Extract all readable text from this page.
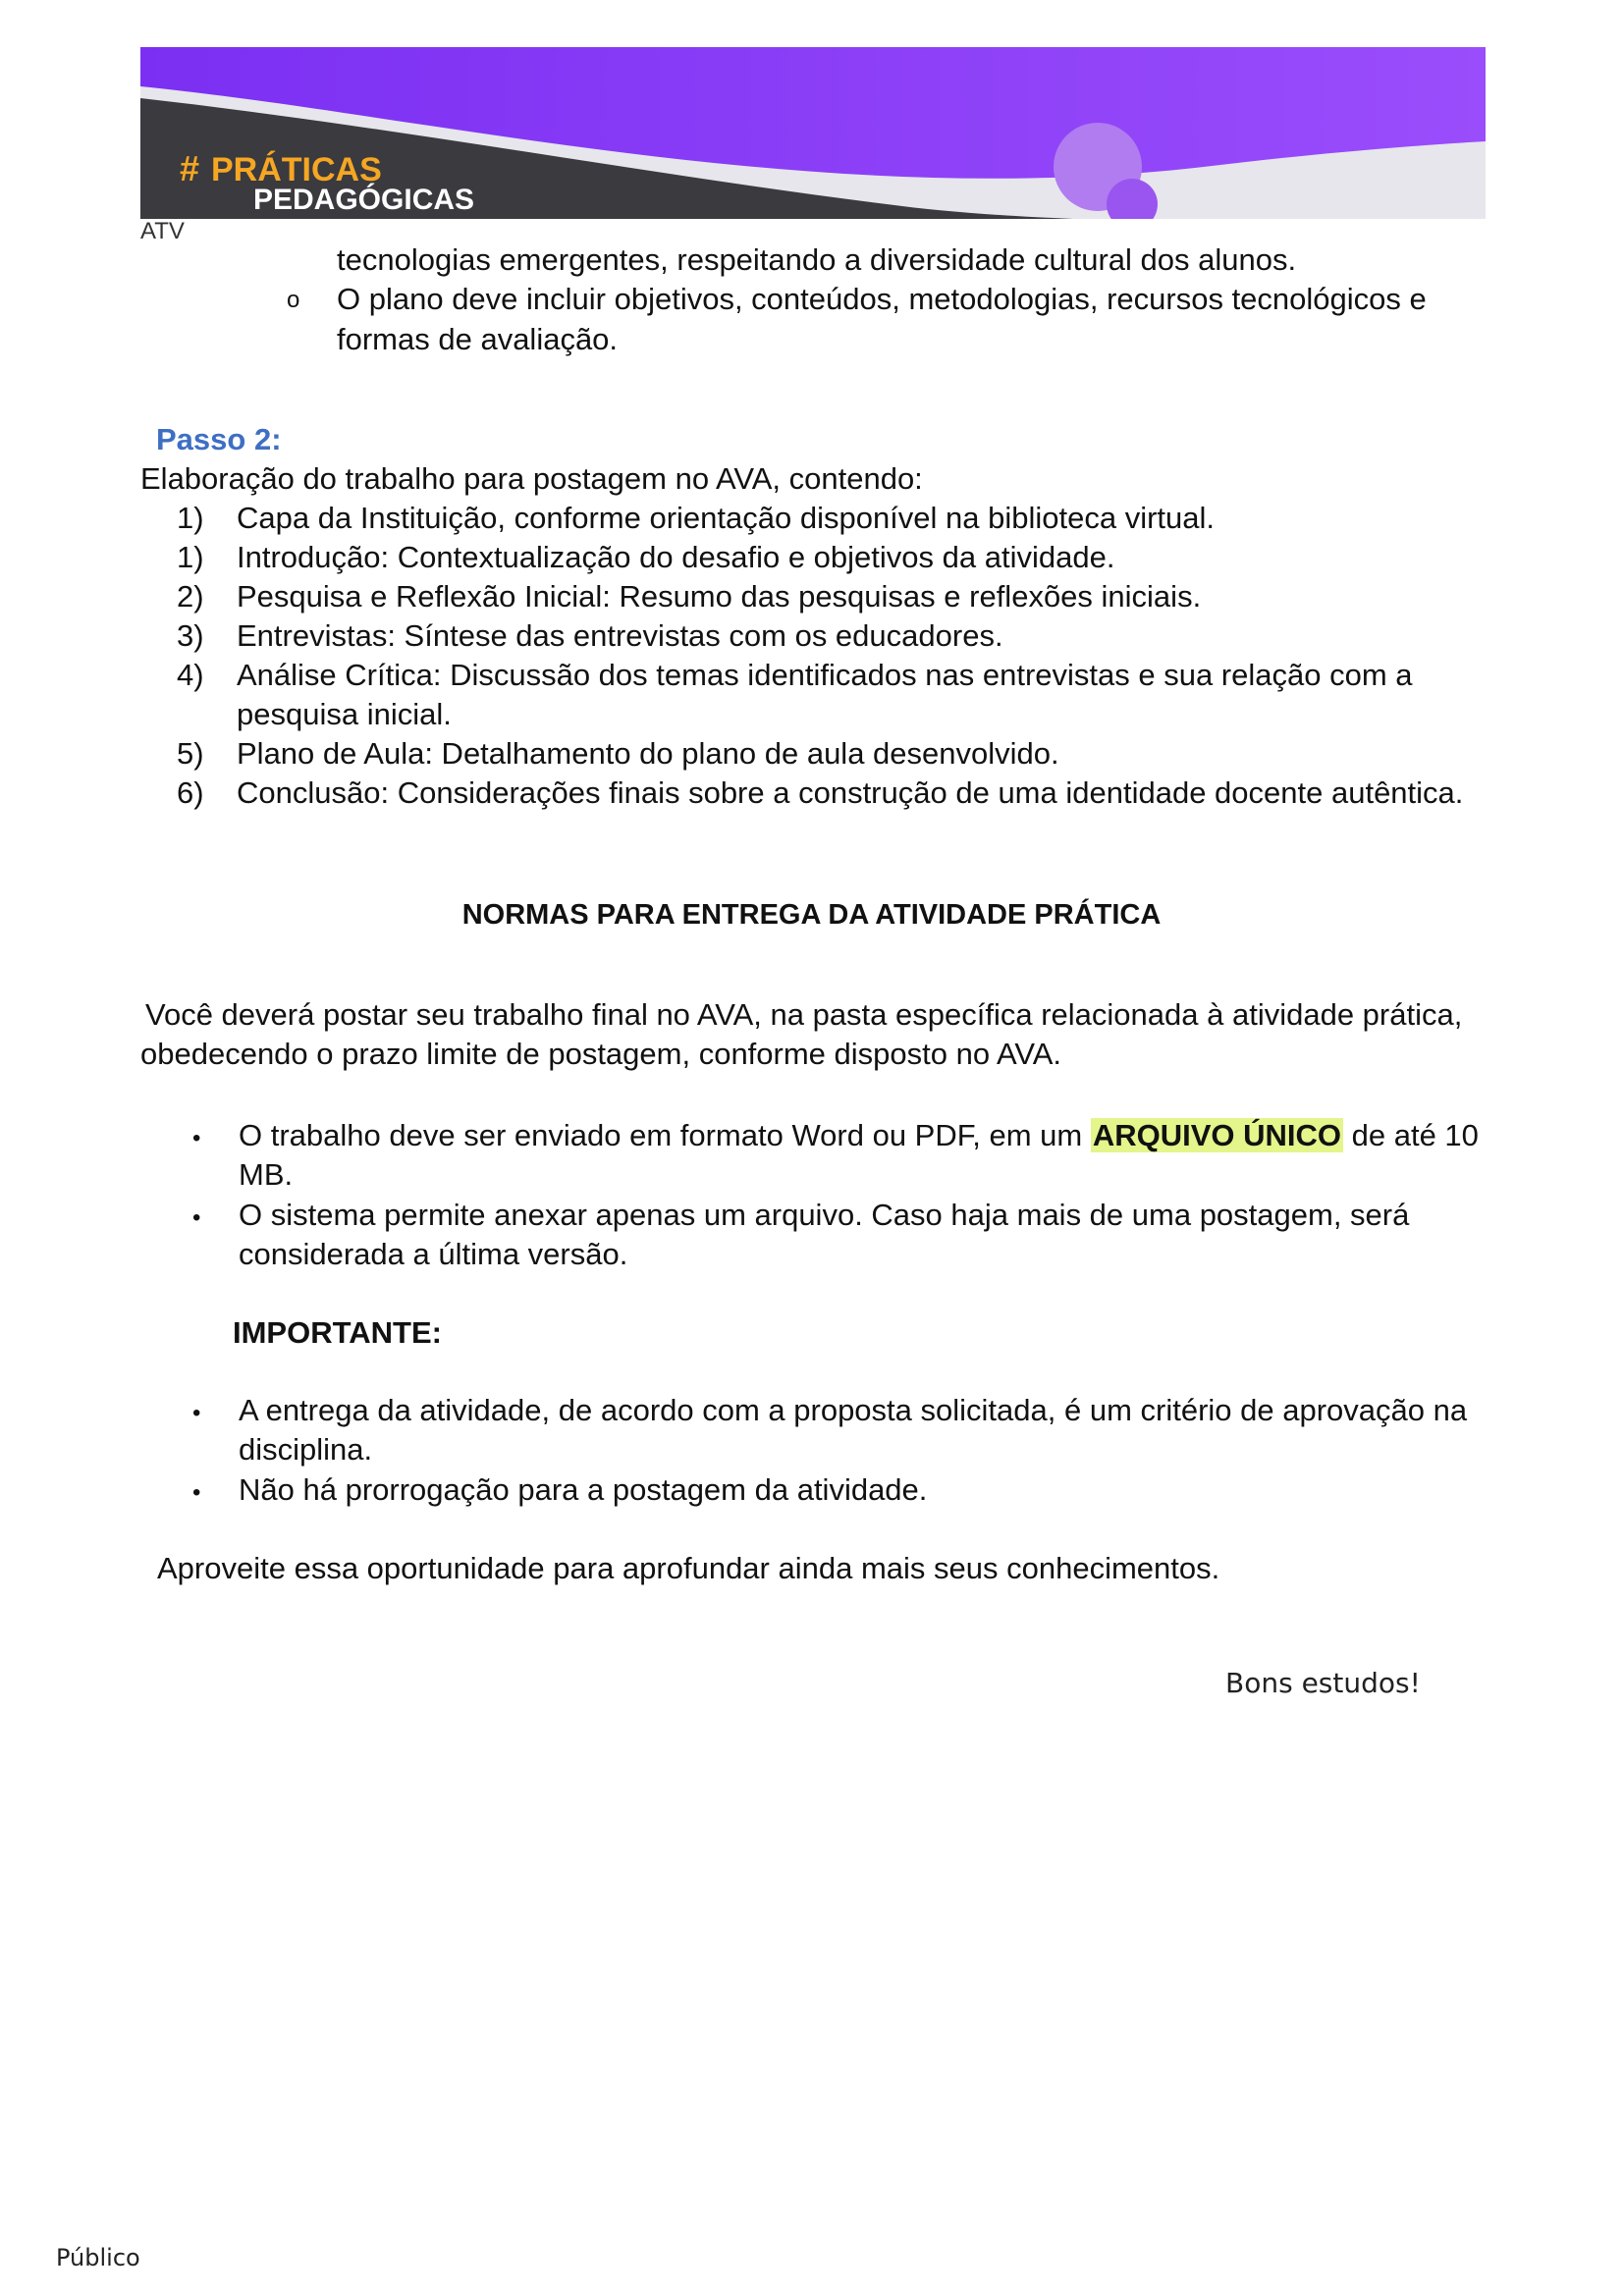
# PRÁTICAS
PEDAGÓGICAS
ATV
tecnologias emergentes, respeitando a diversidade cultural dos alunos.
o O plano deve incluir objetivos, conteúdos, metodologias, recursos tecnológicos e
formas de avaliação.
Passo 2:
Elaboração do trabalho para postagem no AVA, contendo:
1)	Capa da Instituição, conforme orientação disponível na biblioteca virtual.
1)	Introdução: Contextualização do desafio e objetivos da atividade.
2)	Pesquisa e Reflexão Inicial: Resumo das pesquisas e reflexões iniciais.
3)	Entrevistas: Síntese das entrevistas com os educadores.
4)	Análise Crítica: Discussão dos temas identificados nas entrevistas e sua relação com a
pesquisa inicial.
5)	Plano de Aula: Detalhamento do plano de aula desenvolvido.
6)	Conclusão: Considerações finais sobre a construção de uma identidade docente autêntica.
NORMAS PARA ENTREGA DA ATIVIDADE PRÁTICA
Você deverá postar seu trabalho final no AVA, na pasta específica relacionada à atividade prática,
obedecendo o prazo limite de postagem, conforme disposto no AVA.
• O trabalho deve ser enviado em formato Word ou PDF, em um ARQUIVO ÚNICO de até 10
MB.
• O sistema permite anexar apenas um arquivo. Caso haja mais de uma postagem, será
considerada a última versão.
IMPORTANTE:
• A entrega da atividade, de acordo com a proposta solicitada, é um critério de aprovação na
disciplina.
• Não há prorrogação para a postagem da atividade.
Aproveite essa oportunidade para aprofundar ainda mais seus conhecimentos.
Bons estudos!
Público
